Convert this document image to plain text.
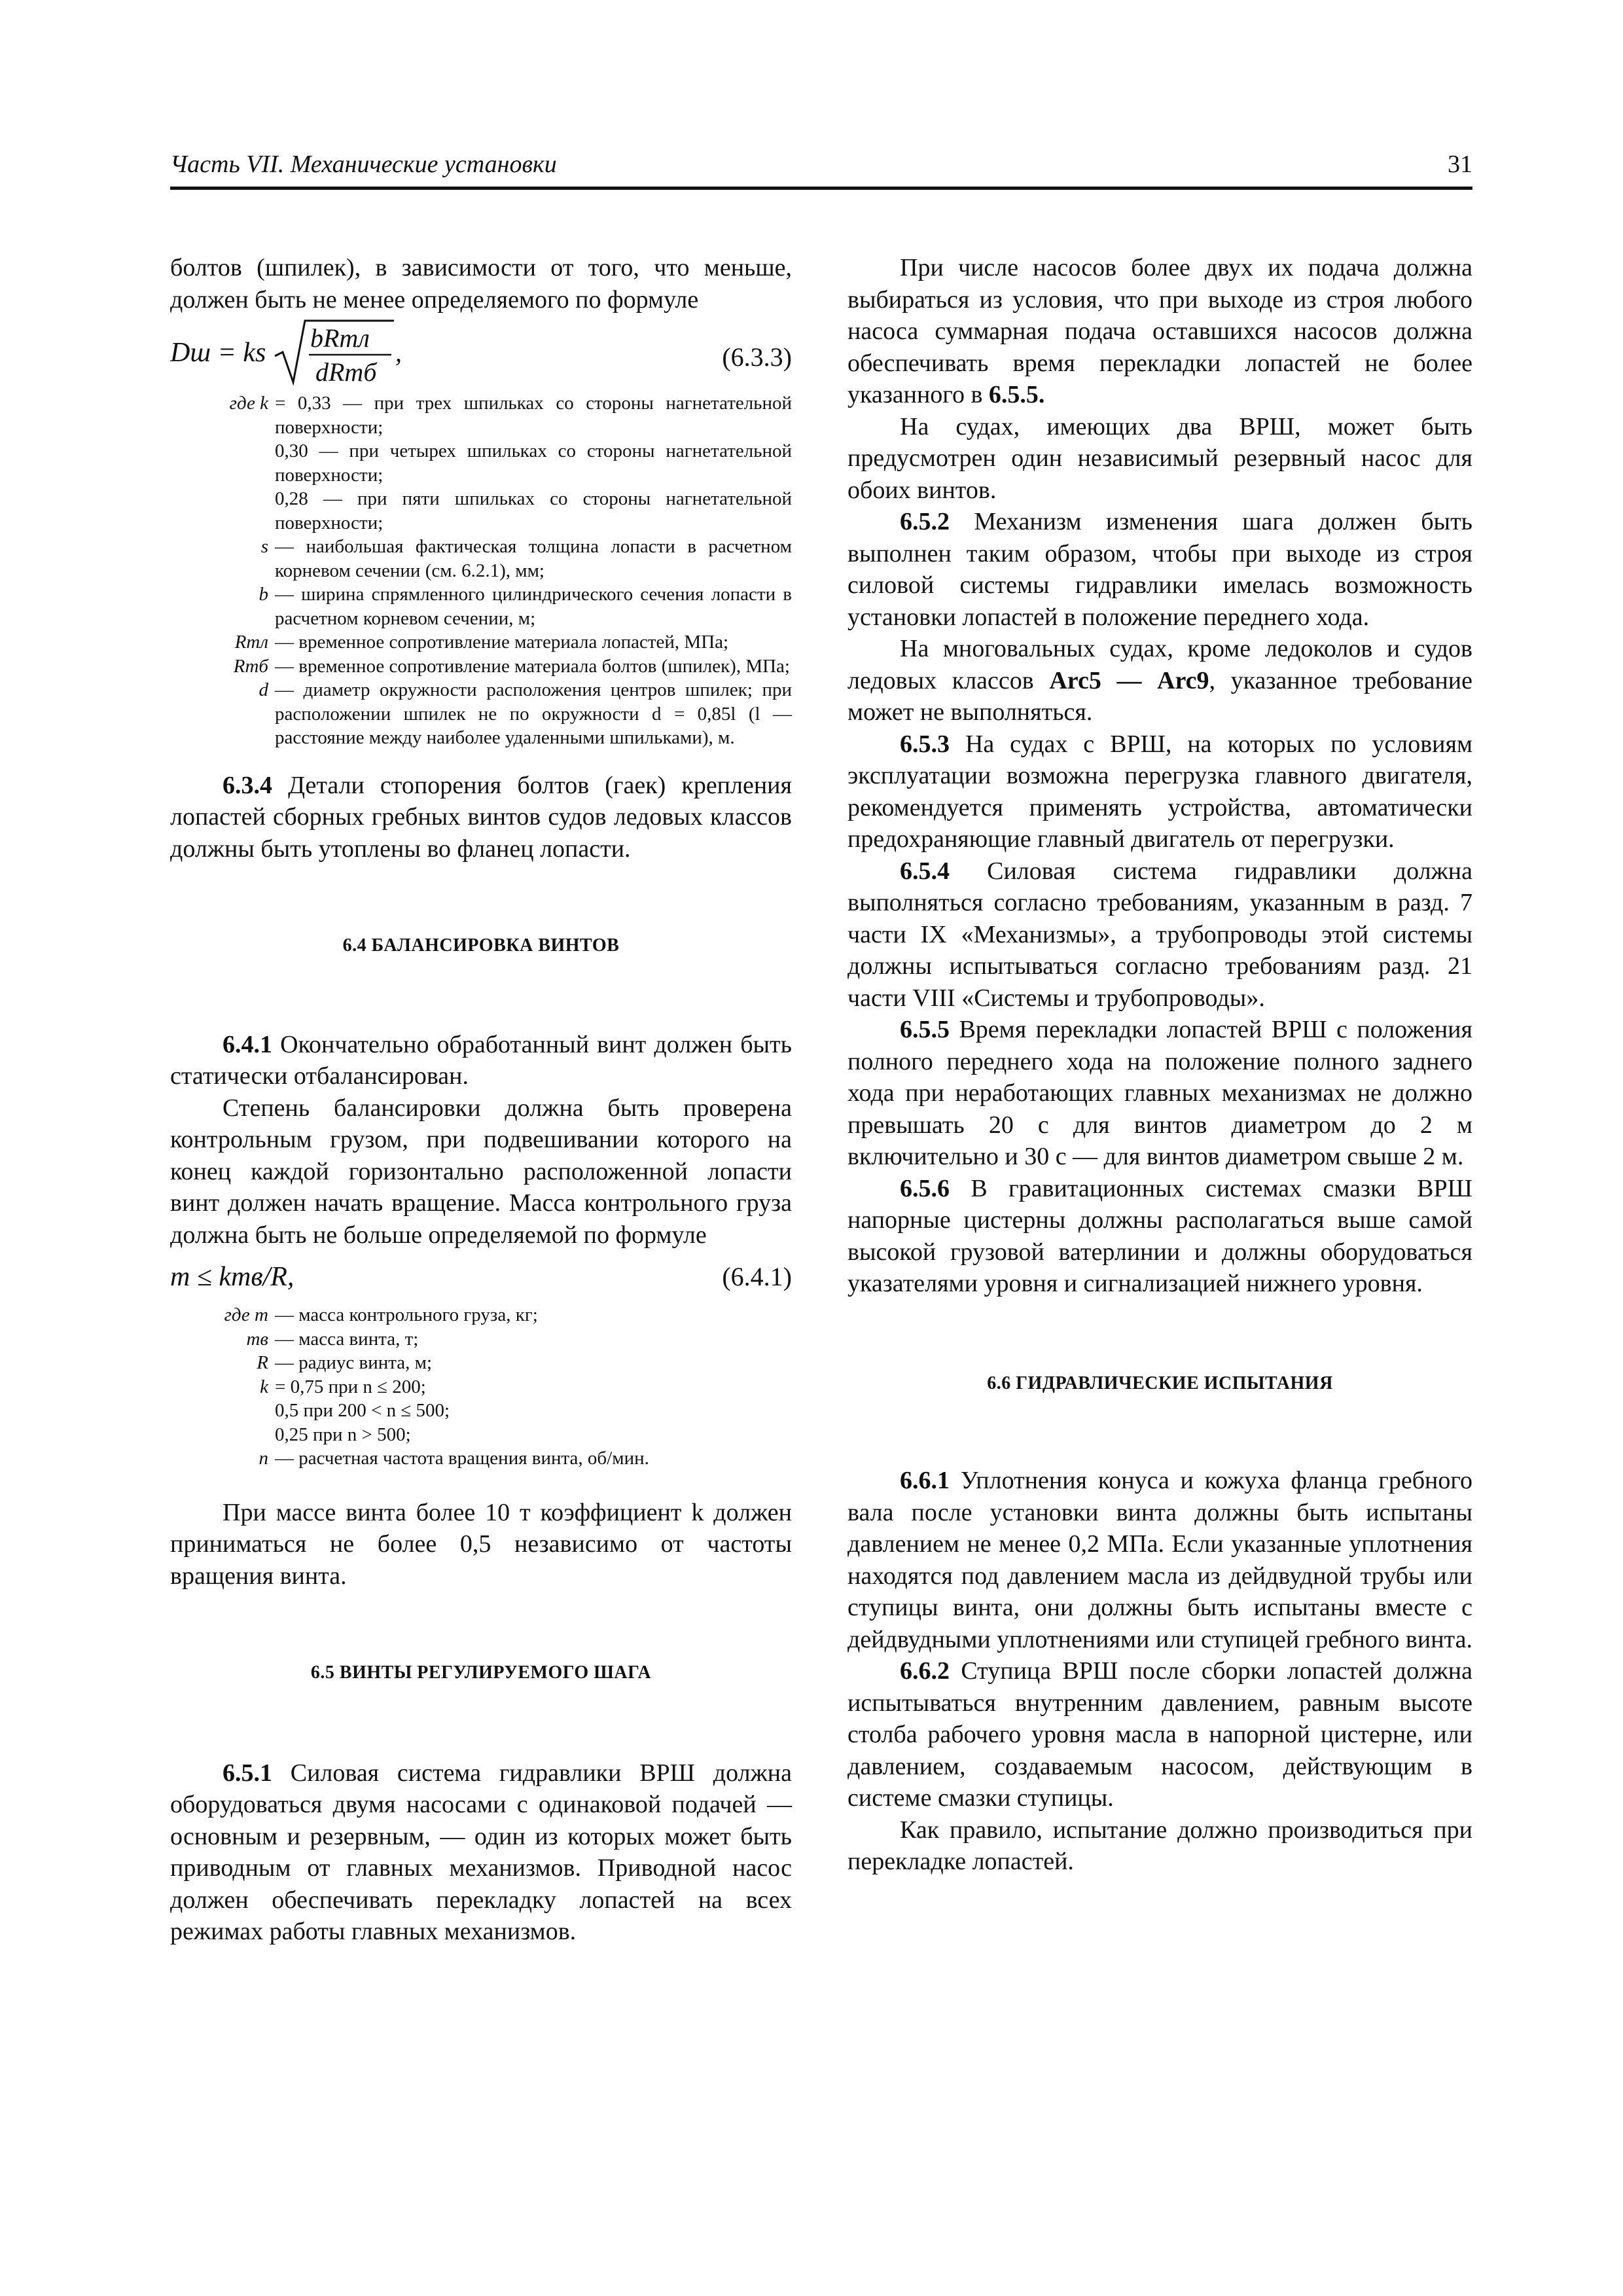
Часть VII. Механические установки	31

болтов (шпилек), в зависимости от того, что меньше, должен быть не менее определяемого по формуле

Dш = ks bRmл
dRmб
,	(6.3.3)
где k = 0,33 — при трех шпильках со стороны нагнетательной поверхности;
0,30 — при четырех шпильках со стороны нагнетательной поверхности;
0,28 — при пяти шпильках со стороны нагнетательной поверхности;
s — наибольшая фактическая толщина лопасти в расчетном корневом сечении (см. 6.2.1), мм;
b — ширина спрямленного цилиндрического сечения лопасти в расчетном корневом сечении, м;
Rmл — временное сопротивление материала лопастей, МПа;
Rmб — временное сопротивление материала болтов (шпилек), МПа;
d — диаметр окружности расположения центров шпилек; при расположении шпилек не по окружности d = 0,85l (l — расстояние между наиболее удаленными шпильками), м.

6.3.4 Детали стопорения болтов (гаек) крепления лопастей сборных гребных винтов судов ледовых классов должны быть утоплены во фланец лопасти.

6.4 БАЛАНСИРОВКА ВИНТОВ

6.4.1 Окончательно обработанный винт должен быть статически отбалансирован.

Степень балансировки должна быть проверена контрольным грузом, при подвешивании которого на конец каждой горизонтально расположенной лопасти винт должен начать вращение. Масса контрольного груза должна быть не больше определяемой по формуле

m ≤ kmв/R,	(6.4.1)
где m — масса контрольного груза, кг;
mв — масса винта, т;
R — радиус винта, м;
k = 0,75 при n ≤ 200;
0,5 при 200 < n ≤ 500;
0,25 при n > 500;
n — расчетная частота вращения винта, об/мин.

При массе винта более 10 т коэффициент k должен приниматься не более 0,5 независимо от частоты вращения винта.

6.5 ВИНТЫ РЕГУЛИРУЕМОГО ШАГА

6.5.1 Силовая система гидравлики ВРШ должна оборудоваться двумя насосами с одинаковой подачей — основным и резервным, — один из которых может быть приводным от главных механизмов. Приводной насос должен обеспечивать перекладку лопастей на всех режимах работы главных механизмов.

При числе насосов более двух их подача должна выбираться из условия, что при выходе из строя любого насоса суммарная подача оставшихся насосов должна обеспечивать время перекладки лопастей не более указанного в 6.5.5.

На судах, имеющих два ВРШ, может быть предусмотрен один независимый резервный насос для обоих винтов.

6.5.2 Механизм изменения шага должен быть выполнен таким образом, чтобы при выходе из строя силовой системы гидравлики имелась возможность установки лопастей в положение переднего хода.

На многовальных судах, кроме ледоколов и судов ледовых классов Arc5 — Arc9, указанное требование может не выполняться.

6.5.3 На судах с ВРШ, на которых по условиям эксплуатации возможна перегрузка главного двигателя, рекомендуется применять устройства, автоматически предохраняющие главный двигатель от перегрузки.

6.5.4 Силовая система гидравлики должна выполняться согласно требованиям, указанным в разд. 7 части IX «Механизмы», а трубопроводы этой системы должны испытываться согласно требованиям разд. 21 части VIII «Системы и трубопроводы».

6.5.5 Время перекладки лопастей ВРШ с положения полного переднего хода на положение полного заднего хода при неработающих главных механизмах не должно превышать 20 с для винтов диаметром до 2 м включительно и 30 с — для винтов диаметром свыше 2 м.

6.5.6 В гравитационных системах смазки ВРШ напорные цистерны должны располагаться выше самой высокой грузовой ватерлинии и должны оборудоваться указателями уровня и сигнализацией нижнего уровня.

6.6 ГИДРАВЛИЧЕСКИЕ ИСПЫТАНИЯ

6.6.1 Уплотнения конуса и кожуха фланца гребного вала после установки винта должны быть испытаны давлением не менее 0,2 МПа. Если указанные уплотнения находятся под давлением масла из дейдвудной трубы или ступицы винта, они должны быть испытаны вместе с дейдвудными уплотнениями или ступицей гребного винта.

6.6.2 Ступица ВРШ после сборки лопастей должна испытываться внутренним давлением, равным высоте столба рабочего уровня масла в напорной цистерне, или давлением, создаваемым насосом, действующим в системе смазки ступицы.

Как правило, испытание должно производиться при перекладке лопастей.
